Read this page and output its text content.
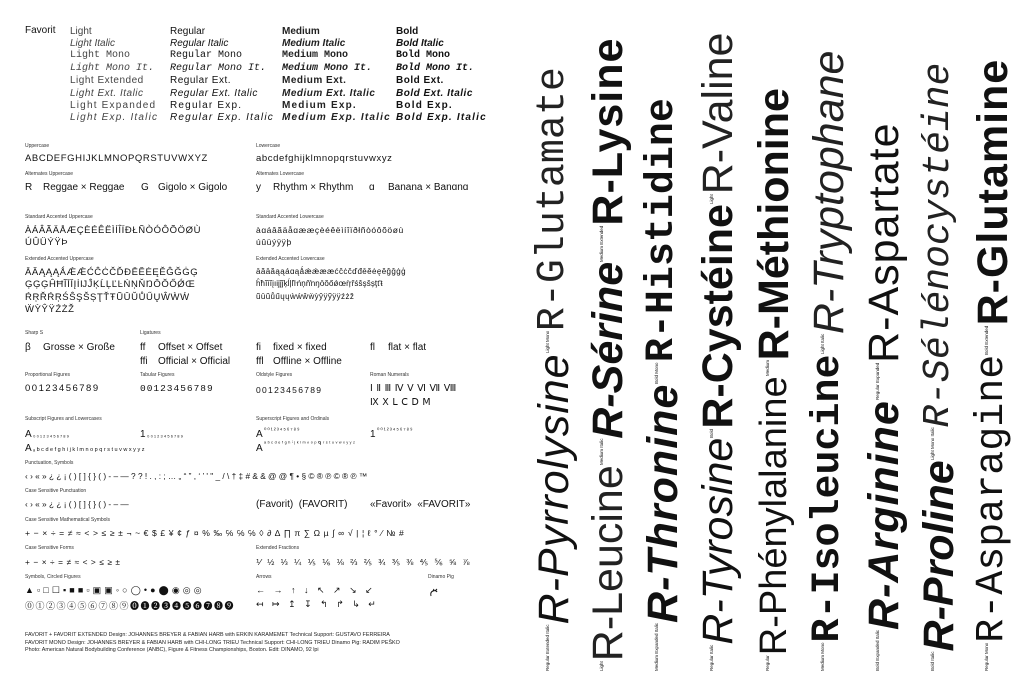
Favorit Light	Regular	Medium	Bold
Light Italic	Regular Italic	Medium Italic	Bold Italic
Light Mono	Regular Mono	Medium Mono	Bold Mono
Light Mono It.	Regular Mono It.	Medium Mono It.	Bold Mono It.
Light Extended	Regular Ext.	Medium Ext.	Bold Ext.
Light Ext. Italic	Regular Ext. Italic	Medium Ext. Italic	Bold Ext. Italic
Light Expanded	Regular Exp.	Medium Exp.	Bold Exp.
Light Exp. Italic	Regular Exp. Italic	Medium Exp. Italic	Bold Exp. Italic
Uppercase
ABCDEFGHIJKLMNOPQRSTUVWXYZ
Lowercase
abcdefghijklmnopqrstuvwxyz
Alternates Uppercase
R Reggae × Reggae G Gigolo × Gigolo
Alternates Lowercase
y Rhythm × Rhythm ɑ Banana × Banɑnɑ
Standard Accented Uppercase
ÀÁÂÃÄÅÆÇÈÉÊËÌÍÎÏĐŁÑÒÓÔÕÖØÙ
ÚÛÜÝŸÞ
Standard Accented Lowercase
àɑáâãäåɑææçèéêëìíîïðłñòóôõöøù
úûüýÿÿþ
Extended Accented Uppercase
ĀĂĄĄĄǺǼǼĆĈĊČĎĐĒĔĖĘĚĜĞĠĢ
ĢĢĢĤĦĨĪĬĮİĲĴĶĹĻĽĿŃŅŇŊŌŎŐǾŒ
ŔŖŘŔŖŚŜŞŠȘŢŤŦŨŪŬŮŰŲŴẀẂ
ẄỲŶŸŹŻŽ
Extended Accented Lowercase
āăāăąąáɑąǻǽǽææćĉċčďđēĕėęěĝğġģ
ĥħĩīĭįıĳĵĵķĺļľŀńņňŉŋōŏőǿœŕŗřśŝşšșţťŧ
ũūŭůűųųẁẃŵẅỳŷÿỹÿÿźżž
Sharp S
β Grosse × Große
Ligatures
ff Offset × Offset	fi fixed × fixed	fl flat × flat
ffi Official × Official	ffl Offline × Offline
Proportional Figures
00123456789
Tabular Figures
00123456789
Oldstyle Figures
00123456789
Roman Numerals
Ⅰ Ⅱ Ⅲ Ⅳ Ⅴ Ⅵ Ⅶ Ⅷ
Ⅸ Ⅹ Ⅼ Ⅽ Ⅾ Ⅿ
Subscript Figures and Lowercases
A ₀₀₁₂₃₄₅₆₇₈₉	1 ₀₀₁₂₃₄₅₆₇₈₉
A ₐ b c d e f g h i j k l m n o p q r s t u v w x y y z
Superscript Figures and Ordinals
A ⁰⁰¹²³⁴⁵⁶⁷⁸⁹	1 ⁰⁰¹²³⁴⁵⁶⁷⁸⁹
A ᵃ ᵇ ᶜ ᵈ ᵉ ᶠ ᵍ ʰ ⁱ ʲ ᵏ ˡ ᵐ ⁿ ᵒ ᵖ ᑫ ʳ ˢ ᵗ ᵘ ᵛ ʷ ˣ ʸ ʸ ᶻ
Punctuation, Symbols
‹ › « » ¿ ¿ ¡ ( ) [ ] { } ( ) - – — ? ? ! . , : ; … „ “ ” , ‘ ’ ' " _ / \ † ‡ # & & @ @ ¶ • § © ® ℗ © ® ℗ ™
Case Sensitive Punctuation
‹ › « » ¿ ¿ ¡ ( ) [ ] { } ( ) - – —	(Favorit)  (FAVORIT) «Favorit»  «FAVORIT»
Case Sensitive Mathematical Symbols
+ − × ÷ = ≠ ≈ < > ≤ ≥ ± ¬ ~ € $ £ ¥ ¢ ƒ ¤ % ‰ ℅ ℅ ℅ ◊ ∂ ∆ ∏ π ∑ Ω µ ∫ ∞ √ | ¦ ℓ ° ⁄ № #
Case Sensitive Forms
+ − × ÷ = ≠ ≈ < > ≤ ≥ ±
Extended Fractions
⅟ ½ ⅓ ¼ ⅕ ⅙ ⅛ ⅔ ⅖ ¾ ⅗ ⅜ ⅘ ⅚ ⅝ ⅞
Symbols, Circled Figures
▲ ▫ □ ☐ ▪ ■ ■ ▫ ▣ ▣ ◦ ○ ◯ • ● ⬤ ◉ ◎ ◎
⓪ ① ② ③ ④ ⑤ ⑥ ⑦ ⑧ ⑨ ⓿ ❶ ❷ ❸ ❹ ❺ ❻ ❼ ❽ ❾
Arrows
← → ↑ ↓ ↖ ↗ ↘ ↙
↤ ↦ ↥ ↧ ↰ ↱ ↳ ↵
Dinamo Pig
FAVORIT + FAVORIT EXTENDED Design: JOHANNES BREYER & FABIAN HARB with ERKIN KARAMEMET Technical Support: GUSTAVO FERREIRA
FAVORIT MONO Design: JOHANNES BREYER & FABIAN HARB with CHI-LONG TRIEU Technical Support: CHI-LONG TRIEU Dinamo Pig: RADIM PEŠKO
Photo: American Natural Bodybuilding Conference (ANBC), Figure & Fitness Championships, Boston. Edit: DINAMO, 92 lpi	$^{Regular Extended Italic}$R-Pyrrolysine$^{Light Mono}$R-Glutamate
$^{Light}$R-Leucine$^{Medium Italic}$R-Sérine$^{Medium Extended}$R-Lysine
$^{Medium Expanded Italic}$R-Thronine$^{Bold Mono}$R-Histidine
$^{Regular Italic}$R-Tyrosine$^{Bold}$R-Cystéine$^{Light}$R-Valine
$^{Regular}$R-Phénylalanine$^{Medium}$R-Méthionine
$^{Medium Mono}$R-Isoleucine$^{Light Italic}$R-Tryptophane
$^{Bold Expanded Italic}$R-Arginine$^{Regular Expanded}$R-Aspartate
$^{Bold Italic}$R-Proline$^{Light Mono Italic}$R-Sélénocystéine
$^{Regular Mono}$R-Asparagine$^{Bold Extended}$R-Glutamine
